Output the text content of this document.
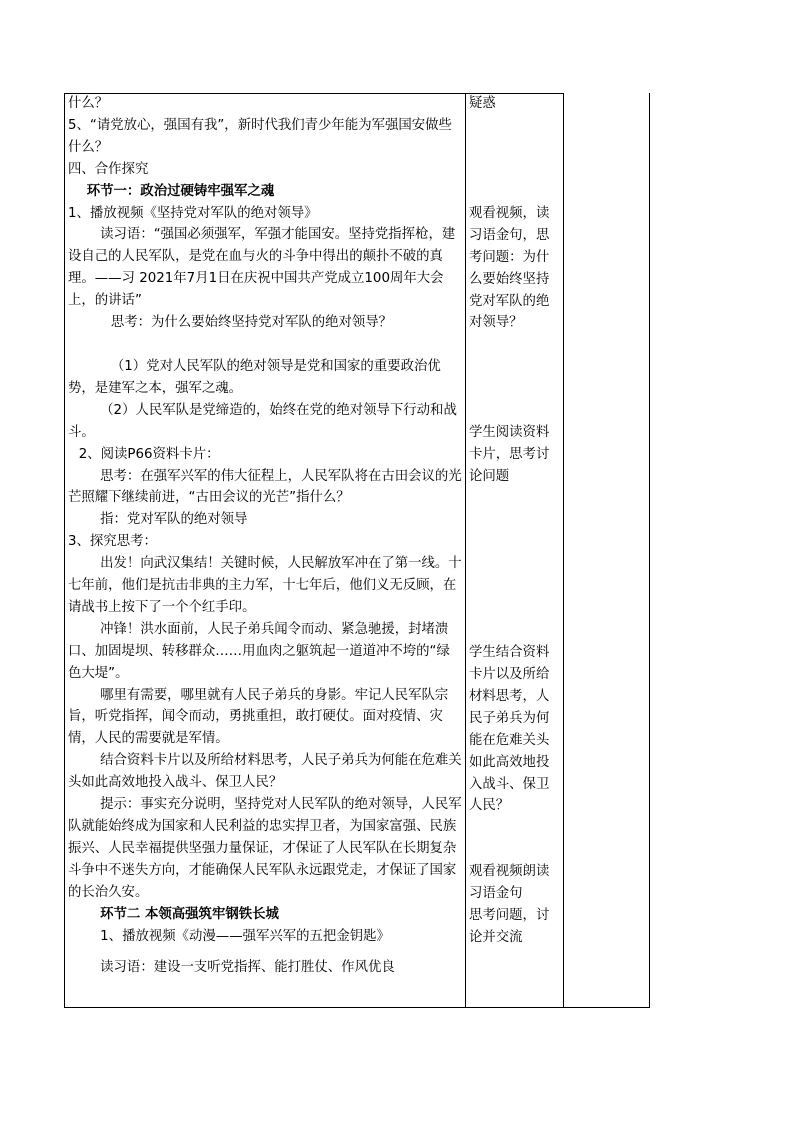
什么？

5、“请党放心，强国有我”，新时代我们青少年能为军强国安做些什么？

四、合作探究

环节一：政治过硬铸牢强军之魂

1、播放视频《坚持党对军队的绝对领导》

读习语：“强国必须强军，军强才能国安。坚持党指挥枪，建设自己的人民军队，是党在血与火的斗争中得出的颠扑不破的真理。——习 2021年7月1日在庆祝中国共产党成立100周年大会上，的讲话”

思考：为什么要始终坚持党对军队的绝对领导？

（1）党对人民军队的绝对领导是党和国家的重要政治优势，是建军之本，强军之魂。

（2）人民军队是党缔造的，始终在党的绝对领导下行动和战斗。

2、阅读P66资料卡片：

思考：在强军兴军的伟大征程上，人民军队将在古田会议的光芒照耀下继续前进，“古田会议的光芒”指什么？

指：党对军队的绝对领导

3、探究思考：

出发！向武汉集结！关键时候，人民解放军冲在了第一线。十七年前，他们是抗击非典的主力军，十七年后，他们义无反顾，在请战书上按下了一个个红手印。

冲锋！洪水面前，人民子弟兵闻令而动、紧急驰援，封堵溃口、加固堤坝、转移群众……用血肉之躯筑起一道道冲不垮的“绿色大堤”。

哪里有需要，哪里就有人民子弟兵的身影。牢记人民军队宗旨，听党指挥，闻令而动，勇挑重担，敢打硬仗。面对疫情、灾情，人民的需要就是军情。

结合资料卡片以及所给材料思考，人民子弟兵为何能在危难关头如此高效地投入战斗、保卫人民？

提示：事实充分说明，坚持党对人民军队的绝对领导，人民军队就能始终成为国家和人民利益的忠实捍卫者，为国家富强、民族振兴、人民幸福提供坚强力量保证，才保证了人民军队在长期复杂斗争中不迷失方向，才能确保人民军队永远跟党走，才保证了国家的长治久安。

环节二 本领高强筑牢钢铁长城

1、播放视频《动漫——强军兴军的五把金钥匙》

读习语：建设一支听党指挥、能打胜仗、作风优良

疑惑

观看视频，读习语金句，思考问题：为什么要始终坚持党对军队的绝对领导？

学生阅读资料卡片，思考讨论问题

学生结合资料卡片以及所给材料思考，人民子弟兵为何能在危难关头如此高效地投入战斗、保卫人民？

观看视频朗读习语金句

思考问题，讨论并交流
